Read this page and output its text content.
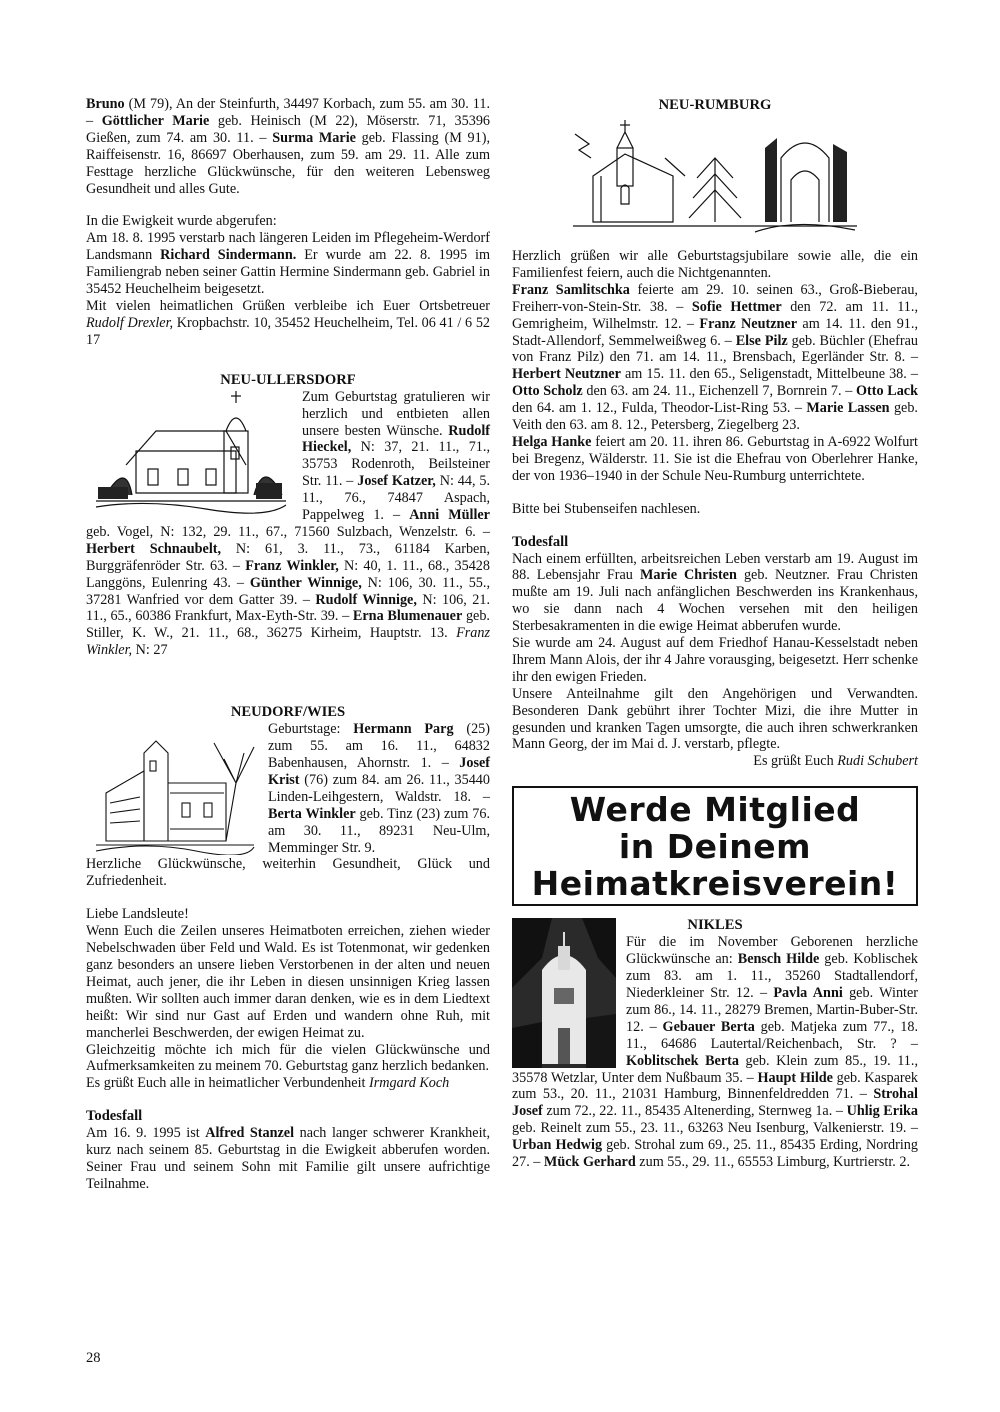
Bruno (M 79), An der Steinfurth, 34497 Korbach, zum 55. am 30. 11. – Göttlicher Marie geb. Heinisch (M 22), Möserstr. 71, 35396 Gießen, zum 74. am 30. 11. – Surma Marie geb. Flassing (M 91), Raiffeisenstr. 16, 86697 Oberhausen, zum 59. am 29. 11. Alle zum Festtage herzliche Glückwünsche, für den weiteren Lebensweg Gesundheit und alles Gute.

In die Ewigkeit wurde abgerufen:

Am 18. 8. 1995 verstarb nach längeren Leiden im Pflegeheim-Werdorf Landsmann Richard Sindermann. Er wurde am 22. 8. 1995 im Familiengrab neben seiner Gattin Hermine Sindermann geb. Gabriel in 35452 Heuchelheim beigesetzt.

Mit vielen heimatlichen Grüßen verbleibe ich Euer Ortsbetreuer Rudolf Drexler, Kropbachstr. 10, 35452 Heuchelheim, Tel. 06 41 / 6 52 17

NEU-ULLERSDORF

Zum Geburtstag gratulieren wir herzlich und entbieten allen unsere besten Wünsche. Rudolf Hieckel, N: 37, 21. 11., 71., 35753 Rodenroth, Beilsteiner Str. 11. – Josef Katzer, N: 44, 5. 11., 76., 74847 Aspach, Pappelweg 1. – Anni Müller geb. Vogel, N: 132, 29. 11., 67., 71560 Sulzbach, Wenzelstr. 6. – Herbert Schnaubelt, N: 61, 3. 11., 73., 61184 Karben, Burggräfenröder Str. 63. – Franz Winkler, N: 40, 1. 11., 68., 35428 Langgöns, Eulenring 43. – Günther Winnige, N: 106, 30. 11., 55., 37281 Wanfried vor dem Gatter 39. – Rudolf Winnige, N: 106, 21. 11., 65., 60386 Frankfurt, Max-Eyth-Str. 39. – Erna Blumenauer geb. Stiller, K. W., 21. 11., 68., 36275 Kirheim, Hauptstr. 13. Franz Winkler, N: 27

NEUDORF/WIES

Geburtstage: Hermann Parg (25) zum 55. am 16. 11., 64832 Babenhausen, Ahornstr. 1. – Josef Krist (76) zum 84. am 26. 11., 35440 Linden-Leihgestern, Waldstr. 18. – Berta Winkler geb. Tinz (23) zum 76. am 30. 11., 89231 Neu-Ulm, Memminger Str. 9.

Herzliche Glückwünsche, weiterhin Gesundheit, Glück und Zufriedenheit.

Liebe Landsleute!

Wenn Euch die Zeilen unseres Heimatboten erreichen, ziehen wieder Nebelschwaden über Feld und Wald. Es ist Totenmonat, wir gedenken ganz besonders an unsere lieben Verstorbenen in der alten und neuen Heimat, auch jener, die ihr Leben in diesen unsinnigen Krieg lassen mußten. Wir sollten auch immer daran denken, wie es in dem Liedtext heißt: Wir sind nur Gast auf Erden und wandern ohne Ruh, mit mancherlei Beschwerden, der ewigen Heimat zu.

Gleichzeitig möchte ich mich für die vielen Glückwünsche und Aufmerksamkeiten zu meinem 70. Geburtstag ganz herzlich bedanken.

Es grüßt Euch alle in heimatlicher Verbundenheit Irmgard Koch

Todesfall

Am 16. 9. 1995 ist Alfred Stanzel nach langer schwerer Krankheit, kurz nach seinem 85. Geburtstag in die Ewigkeit abberufen worden. Seiner Frau und seinem Sohn mit Familie gilt unsere aufrichtige Teilnahme.

NEU-RUMBURG

Herzlich grüßen wir alle Geburtstagsjubilare sowie alle, die ein Familienfest feiern, auch die Nichtgenannten.

Franz Samlitschka feierte am 29. 10. seinen 63., Groß-Bieberau, Freiherr-von-Stein-Str. 38. – Sofie Hettmer den 72. am 11. 11., Gemrigheim, Wilhelmstr. 12. – Franz Neutzner am 14. 11. den 91., Stadt-Allendorf, Semmelweißweg 6. – Else Pilz geb. Büchler (Ehefrau von Franz Pilz) den 71. am 14. 11., Brensbach, Egerländer Str. 8. – Herbert Neutzner am 15. 11. den 65., Seligenstadt, Mittelbeune 38. – Otto Scholz den 63. am 24. 11., Eichenzell 7, Bornrein 7. – Otto Lack den 64. am 1. 12., Fulda, Theodor-List-Ring 53. – Marie Lassen geb. Veith den 63. am 8. 12., Petersberg, Ziegelberg 23.

Helga Hanke feiert am 20. 11. ihren 86. Geburtstag in A-6922 Wolfurt bei Bregenz, Wälderstr. 11. Sie ist die Ehefrau von Oberlehrer Hanke, der von 1936–1940 in der Schule Neu-Rumburg unterrichtete.

Bitte bei Stubenseifen nachlesen.

Todesfall

Nach einem erfüllten, arbeitsreichen Leben verstarb am 19. August im 88. Lebensjahr Frau Marie Christen geb. Neutzner. Frau Christen mußte am 19. Juli nach anfänglichen Beschwerden ins Krankenhaus, wo sie dann nach 4 Wochen versehen mit den heiligen Sterbesakramenten in die ewige Heimat abberufen wurde.

Sie wurde am 24. August auf dem Friedhof Hanau-Kesselstadt neben Ihrem Mann Alois, der ihr 4 Jahre vorausging, beigesetzt. Herr schenke ihr den ewigen Frieden.

Unsere Anteilnahme gilt den Angehörigen und Verwandten. Besonderen Dank gebührt ihrer Tochter Mizi, die ihre Mutter in gesunden und kranken Tagen umsorgte, die auch ihren schwerkranken Mann Georg, der im Mai d. J. verstarb, pflegte.

Es grüßt Euch Rudi Schubert

Werde Mitglied
in Deinem
Heimatkreisverein!
NIKLES

Für die im November Geborenen herzliche Glückwünsche an: Bensch Hilde geb. Koblischek zum 83. am 1. 11., 35260 Stadtallendorf, Niederkleiner Str. 12. – Pavla Anni geb. Winter zum 86., 14. 11., 28279 Bremen, Martin-Buber-Str. 12. – Gebauer Berta geb. Matjeka zum 77., 18. 11., 64686 Lautertal/Reichenbach, Str. ? – Koblitschek Berta geb. Klein zum 85., 19. 11., 35578 Wetzlar, Unter dem Nußbaum 35. – Haupt Hilde geb. Kasparek zum 53., 20. 11., 21031 Hamburg, Binnenfeldredden 71. – Strohal Josef zum 72., 22. 11., 85435 Altenerding, Sternweg 1a. – Uhlig Erika geb. Reinelt zum 55., 23. 11., 63263 Neu Isenburg, Valkenierstr. 19. – Urban Hedwig geb. Strohal zum 69., 25. 11., 85435 Erding, Nordring 27. – Mück Gerhard zum 55., 29. 11., 65553 Limburg, Kurtrierstr. 2.

28
